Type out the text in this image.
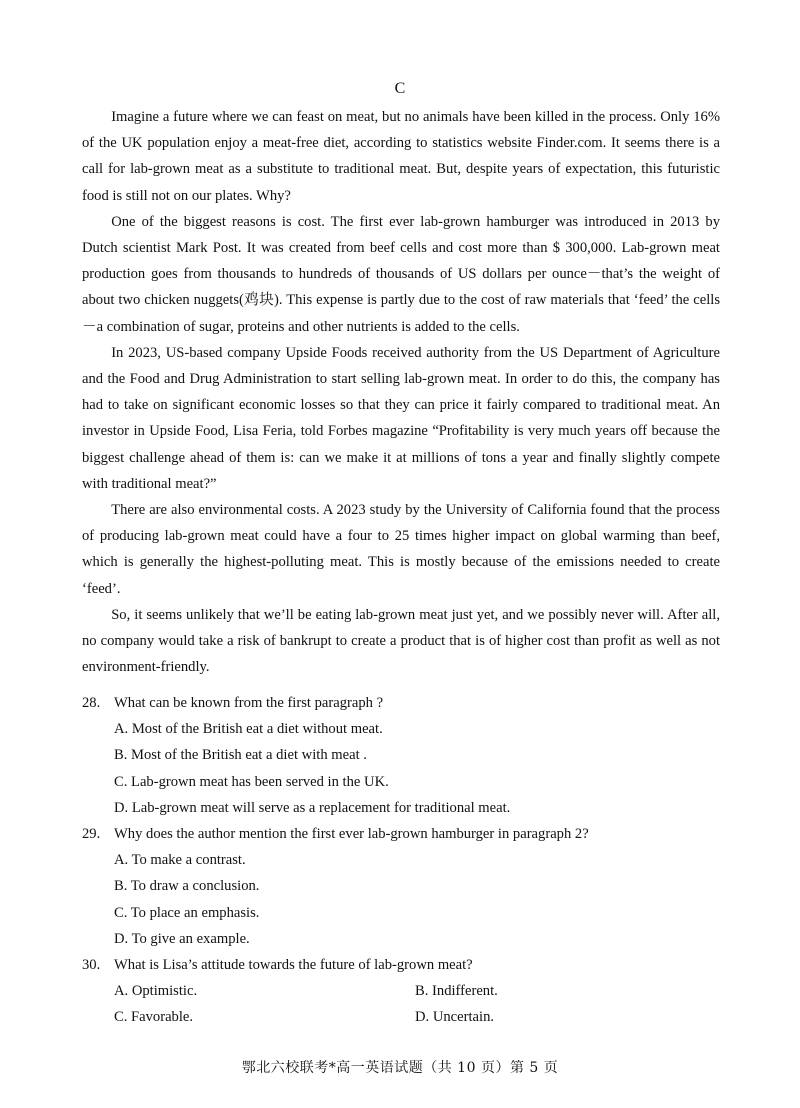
C

Imagine a future where we can feast on meat, but no animals have been killed in the process. Only 16% of the UK population enjoy a meat-free diet, according to statistics website Finder.com. It seems there is a call for lab-grown meat as a substitute to traditional meat. But, despite years of expectation, this futuristic food is still not on our plates. Why?

One of the biggest reasons is cost. The first ever lab-grown hamburger was introduced in 2013 by Dutch scientist Mark Post. It was created from beef cells and cost more than $ 300,000. Lab-grown meat production goes from thousands to hundreds of thousands of US dollars per ounce－that’s the weight of about two chicken nuggets(鸡块). This expense is partly due to the cost of raw materials that ‘feed’ the cells－a combination of sugar, proteins and other nutrients is added to the cells.

In 2023, US-based company Upside Foods received authority from the US Department of Agriculture and the Food and Drug Administration to start selling lab-grown meat. In order to do this, the company has had to take on significant economic losses so that they can price it fairly compared to traditional meat. An investor in Upside Food, Lisa Feria, told Forbes magazine “Profitability is very much years off because the biggest challenge ahead of them is: can we make it at millions of tons a year and finally slightly compete with traditional meat?”

There are also environmental costs. A 2023 study by the University of California found that the process of producing lab-grown meat could have a four to 25 times higher impact on global warming than beef, which is generally the highest-polluting meat. This is mostly because of the emissions needed to create ‘feed’.

So, it seems unlikely that we’ll be eating lab-grown meat just yet, and we possibly never will. After all, no company would take a risk of bankrupt to create a product that is of higher cost than profit as well as not environment-friendly.

28. What can be known from the first paragraph ?
A. Most of the British eat a diet without meat.
B. Most of the British eat a diet with meat .
C. Lab-grown meat has been served in the UK.
D. Lab-grown meat will serve as a replacement for traditional meat.
29. Why does the author mention the first ever lab-grown hamburger in paragraph 2?
A. To make a contrast.
B. To draw a conclusion.
C. To place an emphasis.
D. To give an example.
30. What is Lisa’s attitude towards the future of lab-grown meat?
A. Optimistic.	B. Indifferent.
C. Favorable.	D. Uncertain.
鄂北六校联考*高一英语试题（共 10 页）第 5 页
